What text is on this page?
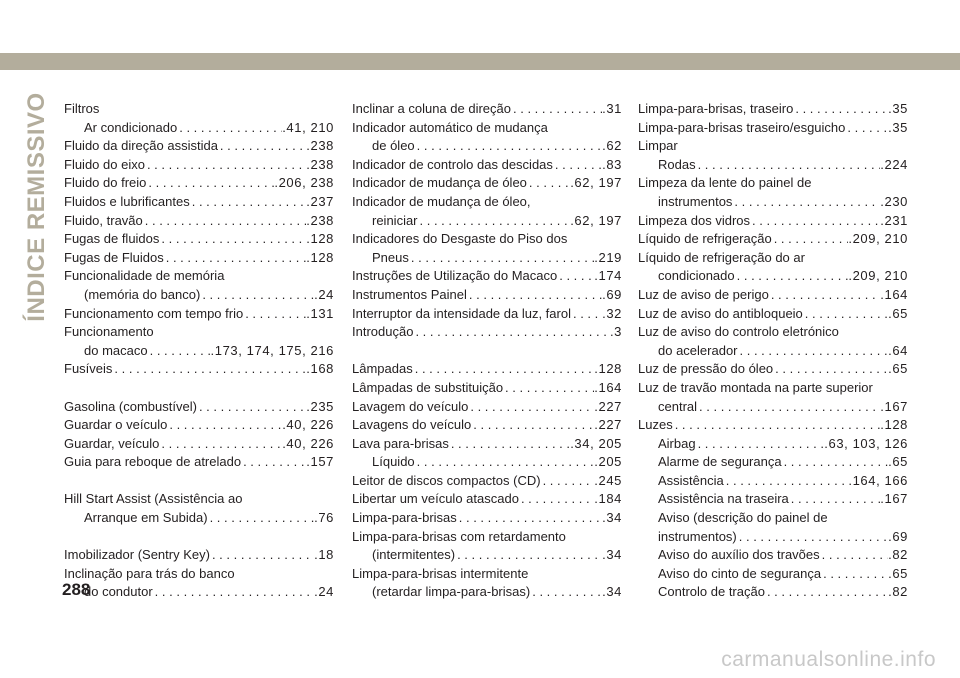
ÍNDICE REMISSIVO Filtros
Ar condicionado . . .	.41, 210
Fluido da direção assistida . . .	.238
Fluido do eixo . . .	.238
Fluido do freio . . .	.206, 238
Fluidos e lubrificantes . . .	.237
Fluido, travão . . .	.238
Fugas de fluidos . . .	.128
Fugas de Fluidos . . .	.128
Funcionalidade de memória
(memória do banco) . . .	.24
Funcionamento com tempo frio . . .	.131
Funcionamento
do macaco . . .	.173, 174, 175, 216
Fusíveis . . .	.168
Gasolina (combustível) . . .	.235
Guardar o veículo . . .	.40, 226
Guardar, veículo . . .	.40, 226
Guia para reboque de atrelado . . .	.157
Hill Start Assist (Assistência ao
Arranque em Subida) . . .	.76
Imobilizador (Sentry Key) . . .	.18
Inclinação para trás do banco
do condutor . . .	.24
Inclinar a coluna de direção . . .	.31
Indicador automático de mudança
de óleo . . .	.62
Indicador de controlo das descidas . . .	.83
Indicador de mudança de óleo . . .	.62, 197
Indicador de mudança de óleo,
reiniciar . . .	.62, 197
Indicadores do Desgaste do Piso dos
Pneus . . .	.219
Instruções de Utilização do Macaco . . .	.174
Instrumentos Painel . . .	.69
Interruptor da intensidade da luz, farol . . . .32
Introdução . . .	.3
Lâmpadas . . .	.128
Lâmpadas de substituição . . .	.164
Lavagem do veículo . . .	.227
Lavagens do veículo . . .	.227
Lava para-brisas . . .	.34, 205
Líquido . . .	.205
Leitor de discos compactos (CD) . . .	.245
Libertar um veículo atascado . . .	.184
Limpa-para-brisas . . .	.34
Limpa-para-brisas com retardamento
(intermitentes) . . .	.34
Limpa-para-brisas intermitente
(retardar limpa-para-brisas) . . .	.34
Limpa-para-brisas, traseiro . . .	.35
Limpa-para-brisas traseiro/esguicho . . .	.35
Limpar
Rodas . . .	.224
Limpeza da lente do painel de
instrumentos . . .	.230
Limpeza dos vidros . . .	.231
Líquido de refrigeração . . .	.209, 210
Líquido de refrigeração do ar
condicionado . . .	.209, 210
Luz de aviso de perigo . . .	.164
Luz de aviso do antibloqueio . . .	.65
Luz de aviso do controlo eletrónico
do acelerador . . .	.64
Luz de pressão do óleo . . .	.65
Luz de travão montada na parte superior
central . . .	.167
Luzes . . .	.128
Airbag . . .	.63, 103, 126
Alarme de segurança . . .	.65
Assistência . . .	.164, 166
Assistência na traseira . . .	.167
Aviso (descrição do painel de
instrumentos) . . .	.69
Aviso do auxílio dos travões . . .	.82
Aviso do cinto de segurança . . .	.65
Controlo de tração . . .	.82
288
carmanualsonline.info
